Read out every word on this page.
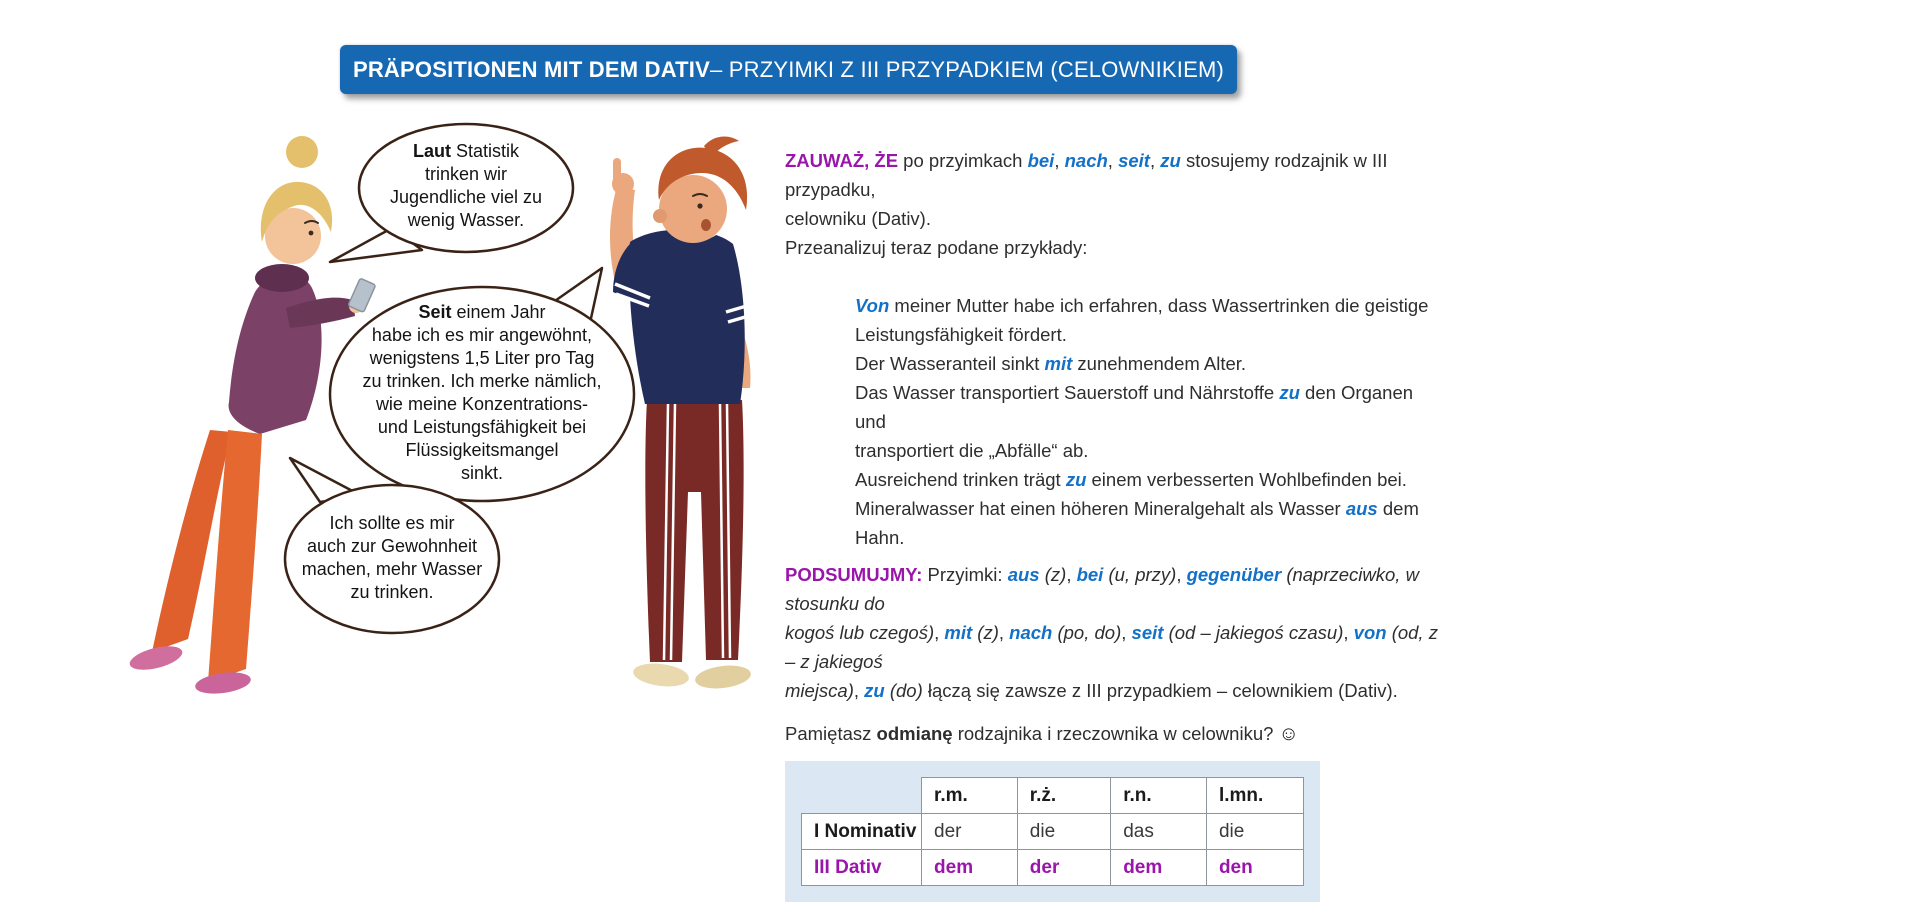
PRÄPOSITIONEN MIT DEM DATIV – PRZYIMKI Z III PRZYPADKIEM (CELOWNIKIEM)
Laut Statistik
trinken wir
Jugendliche viel zu
wenig Wasser.
Seit einem Jahr
habe ich es mir angewöhnt,
wenigstens 1,5 Liter pro Tag
zu trinken. Ich merke nämlich,
wie meine Konzentrations-
und Leistungsfähigkeit bei
Flüssigkeitsmangel
sinkt.
Ich sollte es mir
auch zur Gewohnheit
machen, mehr Wasser
zu trinken.
ZAUWAŻ, ŻE po przyimkach bei, nach, seit, zu stosujemy rodzajnik w III przypadku,
celowniku (Dativ).
Przeanalizuj teraz podane przykłady:
Von meiner Mutter habe ich erfahren, dass Wassertrinken die geistige
Leistungsfähigkeit fördert.
Der Wasseranteil sinkt mit zunehmendem Alter.
Das Wasser transportiert Sauerstoff und Nährstoffe zu den Organen und
transportiert die „Abfälle“ ab.
Ausreichend trinken trägt zu einem verbesserten Wohlbefinden bei.
Mineralwasser hat einen höheren Mineralgehalt als Wasser aus dem Hahn.
PODSUMUJMY: Przyimki: aus (z), bei (u, przy), gegenüber (naprzeciwko, w stosunku do
kogoś lub czegoś), mit (z), nach (po, do), seit (od – jakiegoś czasu), von (od, z – z jakiegoś
miejsca), zu (do) łączą się zawsze z III przypadkiem – celownikiem (Dativ).
Pamiętasz odmianę rodzajnika i rzeczownika w celowniku? ☺
	r.m.	r.ż.	r.n.	l.mn.
I Nominativ	der	die	das	die
III Dativ	dem	der	dem	den
